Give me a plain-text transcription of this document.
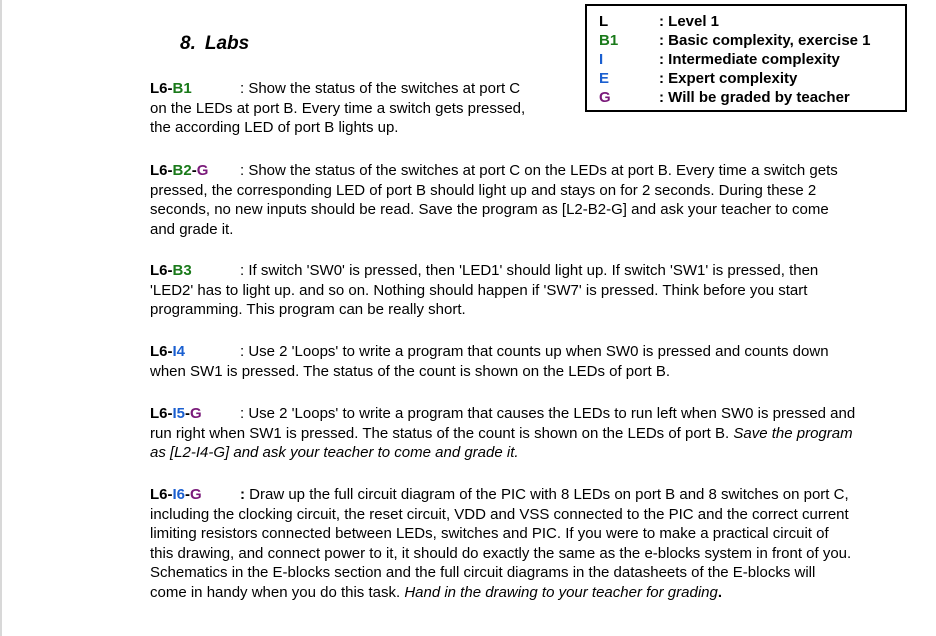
8. Labs
L	: Level 1
B1	: Basic complexity, exercise 1
I	: Intermediate complexity
E	: Expert complexity
G	: Will be graded by teacher
L6-B1	: Show the status of the switches at port C
on the LEDs at port B. Every time a switch gets pressed,
the according LED of port B lights up.
L6-B2-G : Show the status of the switches at port C on the LEDs at port B. Every time a switch gets
pressed, the corresponding LED of port B should light up and stays on for 2 seconds. During these 2
seconds, no new inputs should be read. Save the program as [L2-B2-G] and ask your teacher to come
and grade it.
L6-B3	: If switch 'SW0' is pressed, then 'LED1' should light up. If switch 'SW1' is pressed, then
'LED2' has to light up. and so on. Nothing should happen if 'SW7' is pressed. Think before you start
programming. This program can be really short.
L6-I4	: Use 2 'Loops' to write a program that counts up when SW0 is pressed and counts down
when SW1 is pressed. The status of the count is shown on the LEDs of port B.
L6-I5-G	: Use 2 'Loops' to write a program that causes the LEDs to run left when SW0 is pressed and
run right when SW1 is pressed. The status of the count is shown on the LEDs of port B. Save the program
as [L2-I4-G] and ask your teacher to come and grade it.
L6-I6-G	: Draw up the full circuit diagram of the PIC with 8 LEDs on port B and 8 switches on port C,
including the clocking circuit, the reset circuit, VDD and VSS connected to the PIC and the correct current
limiting resistors connected between LEDs, switches and PIC. If you were to make a practical circuit of
this drawing, and connect power to it, it should do exactly the same as the e-blocks system in front of you.
Schematics in the E-blocks section and the full circuit diagrams in the datasheets of the E-blocks will
come in handy when you do this task. Hand in the drawing to your teacher for grading.
